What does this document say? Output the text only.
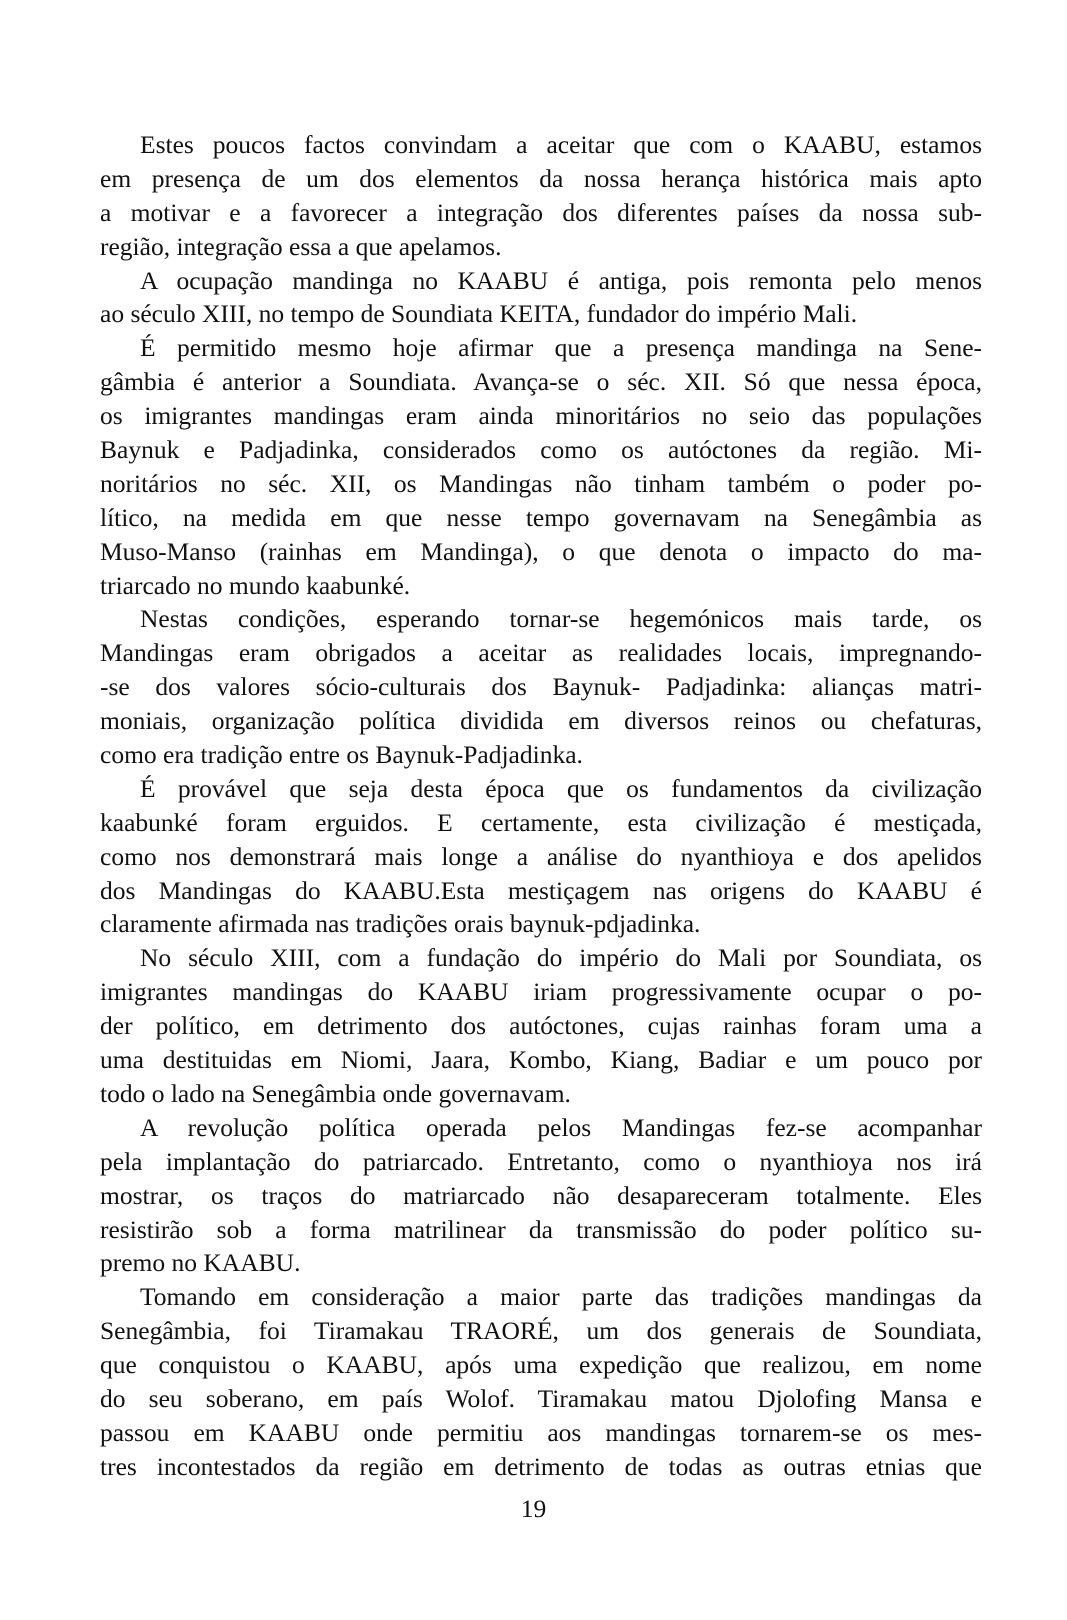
Estes poucos factos convindam a aceitar que com o KAABU, estamos
em presença de um dos elementos da nossa herança histórica mais apto
a motivar e a favorecer a integração dos diferentes países da nossa sub-
região, integração essa a que apelamos.
A ocupação mandinga no KAABU é antiga, pois remonta pelo menos
ao século XIII, no tempo de Soundiata KEITA, fundador do império Mali.
É permitido mesmo hoje afirmar que a presença mandinga na Sene-
gâmbia é anterior a Soundiata. Avança-se o séc. XII. Só que nessa época,
os imigrantes mandingas eram ainda minoritários no seio das populações
Baynuk e Padjadinka, considerados como os autóctones da região. Mi-
noritários no séc. XII, os Mandingas não tinham também o poder po-
lítico, na medida em que nesse tempo governavam na Senegâmbia as
Muso-Manso (rainhas em Mandinga), o que denota o impacto do ma-
triarcado no mundo kaabunké.
Nestas condições, esperando tornar-se hegemónicos mais tarde, os
Mandingas eram obrigados a aceitar as realidades locais, impregnando-
-se dos valores sócio-culturais dos Baynuk- Padjadinka: alianças matri-
moniais, organização política dividida em diversos reinos ou chefaturas,
como era tradição entre os Baynuk-Padjadinka.
É provável que seja desta época que os fundamentos da civilização
kaabunké foram erguidos. E certamente, esta civilização é mestiçada,
como nos demonstrará mais longe a análise do nyanthioya e dos apelidos
dos Mandingas do KAABU.Esta mestiçagem nas origens do KAABU é
claramente afirmada nas tradições orais baynuk-pdjadinka.
No século XIII, com a fundação do império do Mali por Soundiata, os
imigrantes mandingas do KAABU iriam progressivamente ocupar o po-
der político, em detrimento dos autóctones, cujas rainhas foram uma a
uma destituidas em Niomi, Jaara, Kombo, Kiang, Badiar e um pouco por
todo o lado na Senegâmbia onde governavam.
A revolução política operada pelos Mandingas fez-se acompanhar
pela implantação do patriarcado. Entretanto, como o nyanthioya nos irá
mostrar, os traços do matriarcado não desapareceram totalmente. Eles
resistirão sob a forma matrilinear da transmissão do poder político su-
premo no KAABU.
Tomando em consideração a maior parte das tradições mandingas da
Senegâmbia, foi Tiramakau TRAORÉ, um dos generais de Soundiata,
que conquistou o KAABU, após uma expedição que realizou, em nome
do seu soberano, em país Wolof. Tiramakau matou Djolofing Mansa e
passou em KAABU onde permitiu aos mandingas tornarem-se os mes-
tres incontestados da região em detrimento de todas as outras etnias que
19
